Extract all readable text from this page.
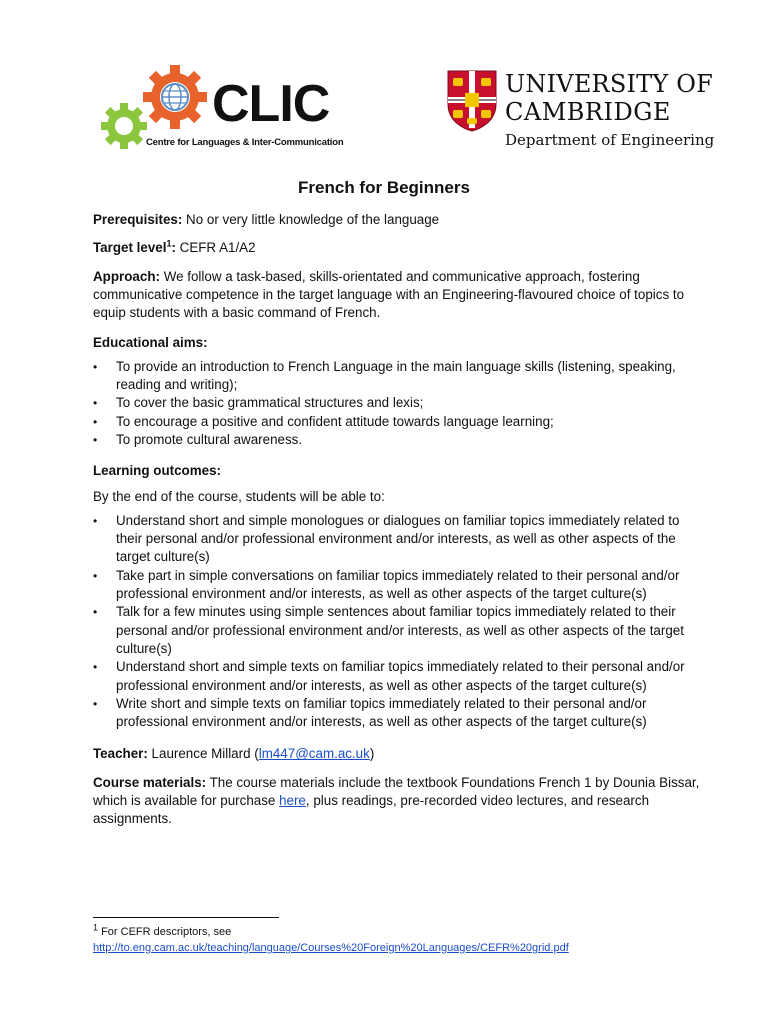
CLIC
Centre for Languages & Inter-Communication
UNIVERSITY OF
CAMBRIDGE
Department of Engineering
French for Beginners

Prerequisites: No or very little knowledge of the language

Target level$^1$: CEFR A1/A2

Approach: We follow a task-based, skills-orientated and communicative approach, fostering communicative competence in the target language with an Engineering-flavoured choice of topics to equip students with a basic command of French.

Educational aims:

• To provide an introduction to French Language in the main language skills (listening, speaking, reading and writing);
• To cover the basic grammatical structures and lexis;
• To encourage a positive and confident attitude towards language learning;
• To promote cultural awareness.

Learning outcomes:

By the end of the course, students will be able to:

• Understand short and simple monologues or dialogues on familiar topics immediately related to their personal and/or professional environment and/or interests, as well as other aspects of the target culture(s)
• Take part in simple conversations on familiar topics immediately related to their personal and/or professional environment and/or interests, as well as other aspects of the target culture(s)
• Talk for a few minutes using simple sentences about familiar topics immediately related to their personal and/or professional environment and/or interests, as well as other aspects of the target culture(s)
• Understand short and simple texts on familiar topics immediately related to their personal and/or professional environment and/or interests, as well as other aspects of the target culture(s)
• Write short and simple texts on familiar topics immediately related to their personal and/or professional environment and/or interests, as well as other aspects of the target culture(s)

Teacher: Laurence Millard (lm447@cam.ac.uk)

Course materials: The course materials include the textbook Foundations French 1 by Dounia Bissar, which is available for purchase here, plus readings, pre-recorded video lectures, and research assignments.

$^1$ For CEFR descriptors, see
http://to.eng.cam.ac.uk/teaching/language/Courses%20Foreign%20Languages/CEFR%20grid.pdf
